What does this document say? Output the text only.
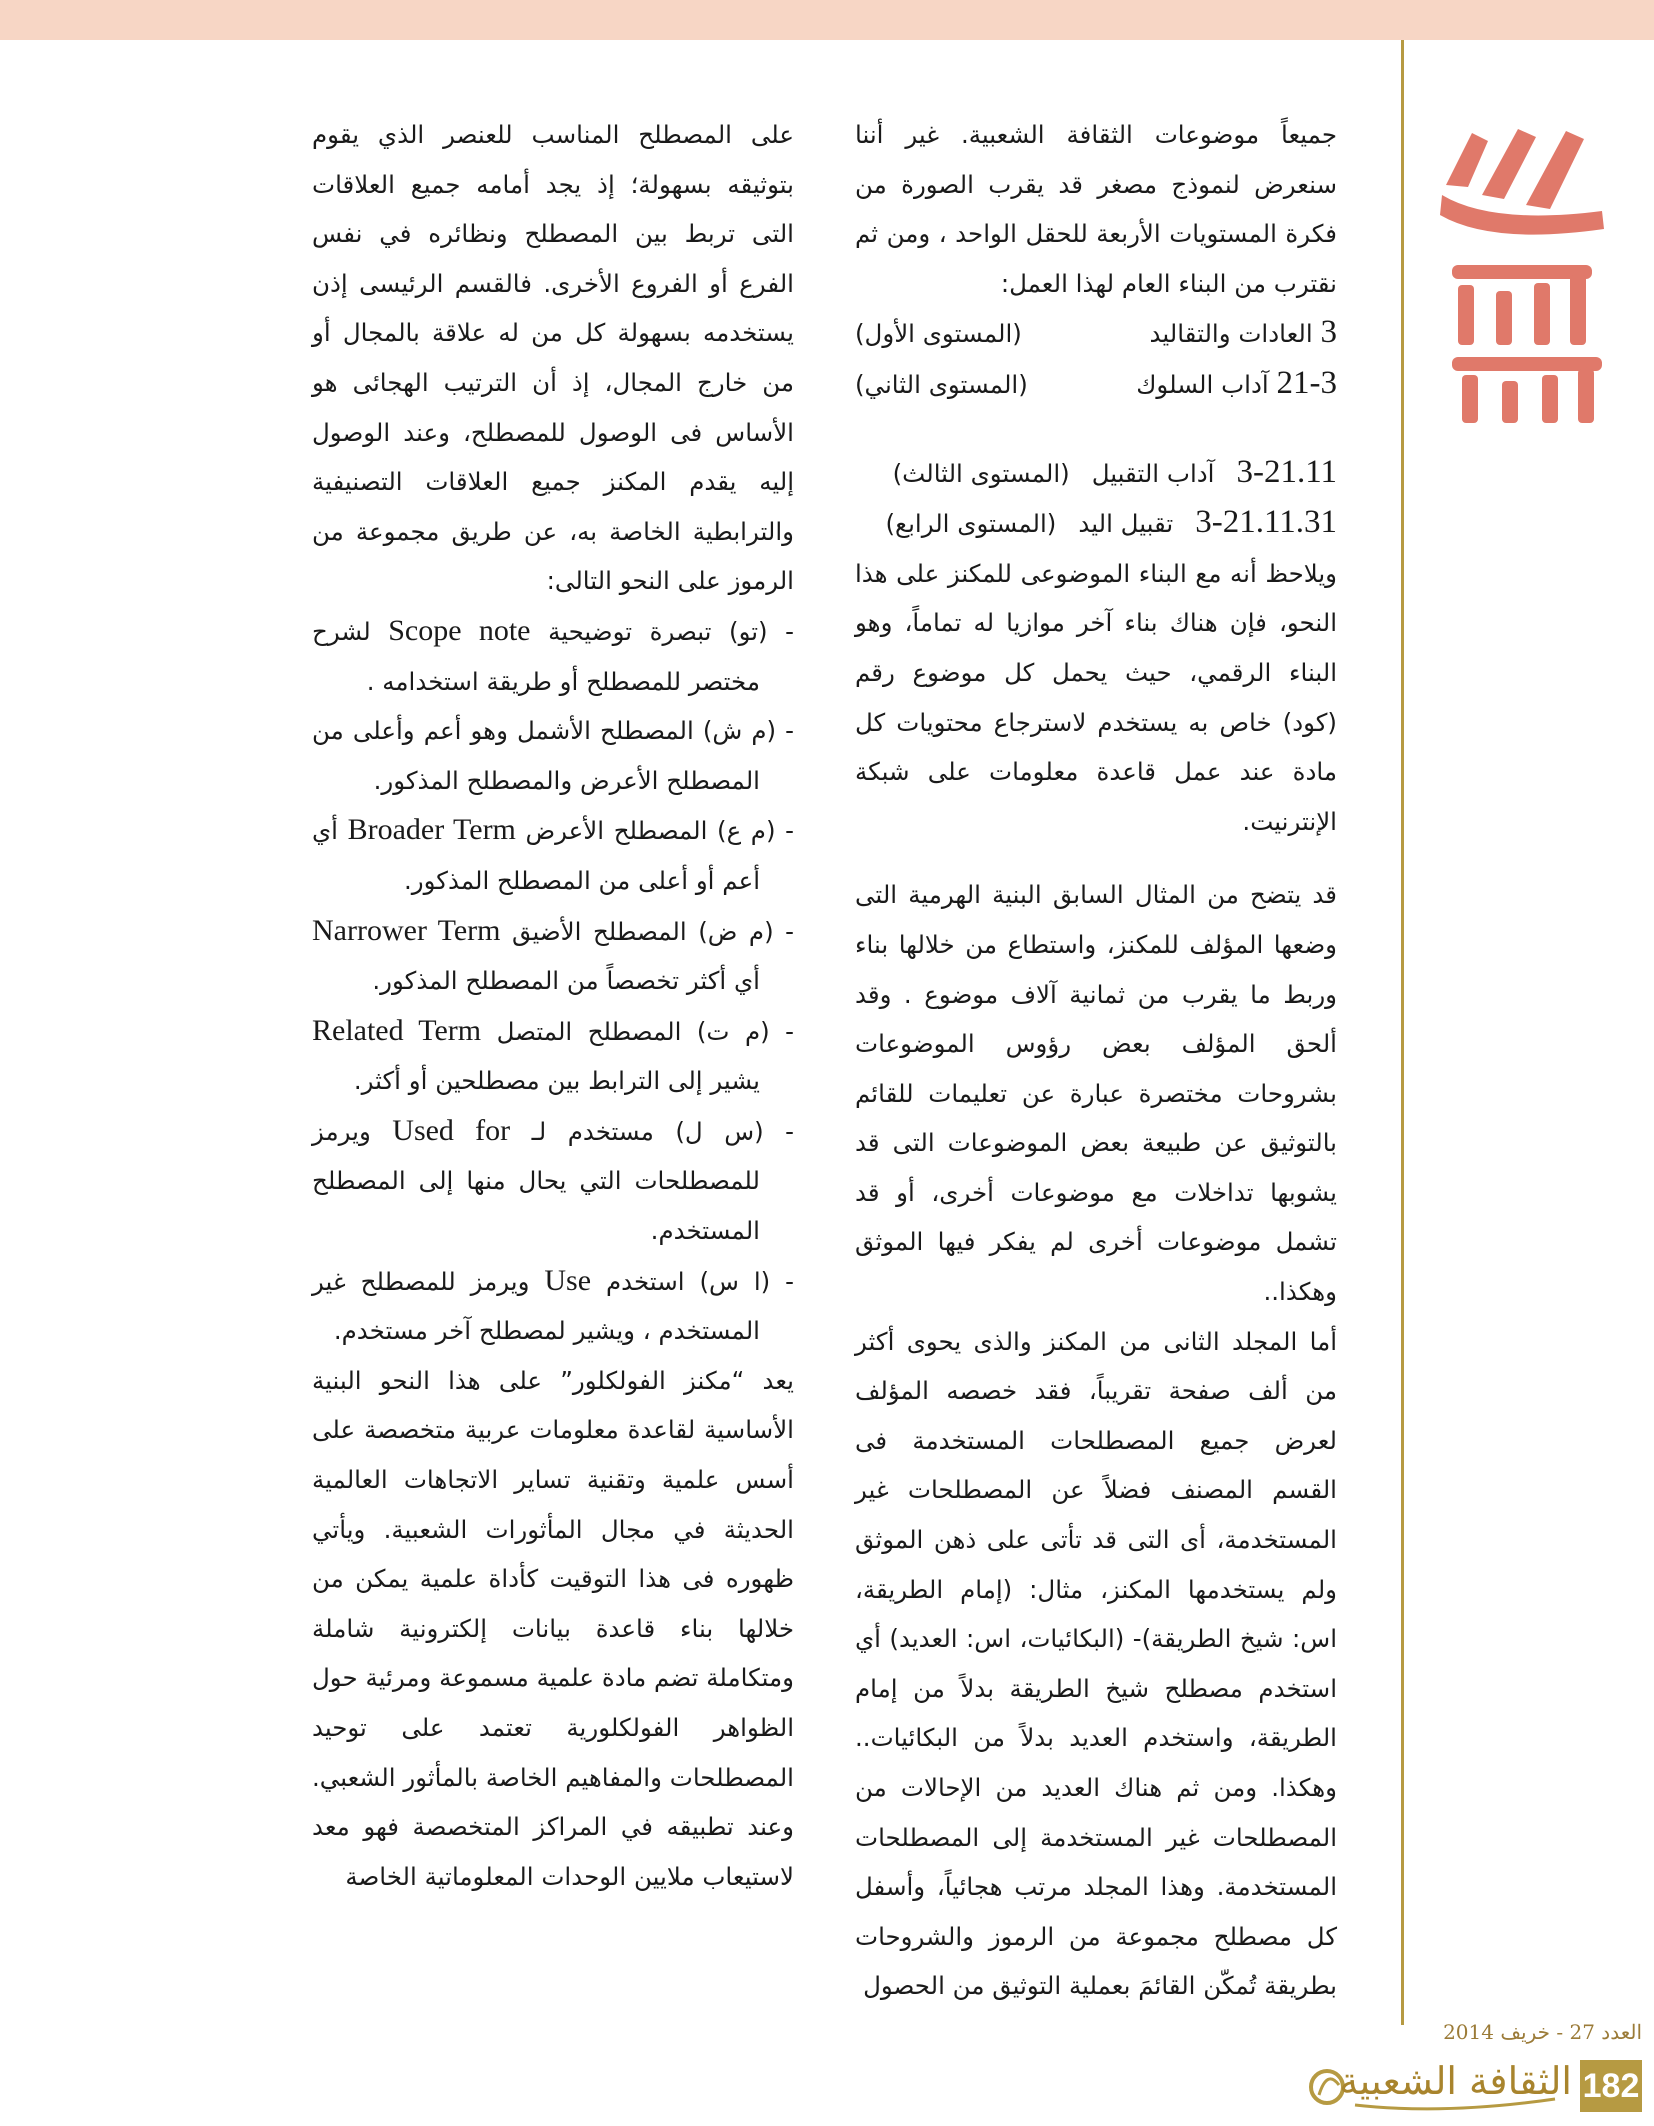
جميعاً موضوعات الثقافة الشعبية. غير أننا سنعرض لنموذج مصغر قد يقرب الصورة من فكرة المستويات الأربعة للحقل الواحد ، ومن ثم نقترب من البناء العام لهذا العمل:

3 العادات والتقاليد
(المستوى الأول)
21-3 آداب السلوك
(المستوى الثاني)
3-21.11
آداب التقبيل
(المستوى الثالث)
3-21.11.31
تقبيل اليد
(المستوى الرابع)

ويلاحظ أنه مع البناء الموضوعى للمكنز على هذا النحو، فإن هناك بناء آخر موازيا له تماماً، وهو البناء الرقمي، حيث يحمل كل موضوع رقم (كود) خاص به يستخدم لاسترجاع محتويات كل مادة عند عمل قاعدة معلومات على شبكة الإنترنيت.

قد يتضح من المثال السابق البنية الهرمية التى وضعها المؤلف للمكنز، واستطاع من خلالها بناء وربط ما يقرب من ثمانية آلاف موضوع . وقد ألحق المؤلف بعض رؤوس الموضوعات بشروحات مختصرة عبارة عن تعليمات للقائم بالتوثيق عن طبيعة بعض الموضوعات التى قد يشوبها تداخلات مع موضوعات أخرى، أو قد تشمل موضوعات أخرى لم يفكر فيها الموثق وهكذا..

أما المجلد الثانى من المكنز والذى يحوى أكثر من ألف صفحة تقريباً، فقد خصصه المؤلف لعرض جميع المصطلحات المستخدمة فى القسم المصنف فضلاً عن المصطلحات غير المستخدمة، أى التى قد تأتى على ذهن الموثق ولم يستخدمها المكنز، مثال: (إمام الطريقة، اس: شيخ الطريقة)- (البكائيات، اس: العديد) أي استخدم مصطلح شيخ الطريقة بدلاً من إمام الطريقة، واستخدم العديد بدلاً من البكائيات.. وهكذا. ومن ثم هناك العديد من الإحالات من المصطلحات غير المستخدمة إلى المصطلحات المستخدمة. وهذا المجلد مرتب هجائياً، وأسفل كل مصطلح مجموعة من الرموز والشروحات بطريقة تُمكّن القائمَ بعملية التوثيق من الحصول

على المصطلح المناسب للعنصر الذي يقوم بتوثيقه بسهولة؛ إذ يجد أمامه جميع العلاقات التى تربط بين المصطلح ونظائره في نفس الفرع أو الفروع الأخرى. فالقسم الرئيسى إذن يستخدمه بسهولة كل من له علاقة بالمجال أو من خارج المجال، إذ أن الترتيب الهجائى هو الأساس فى الوصول للمصطلح، وعند الوصول إليه يقدم المكنز جميع العلاقات التصنيفية والترابطية الخاصة به، عن طريق مجموعة من الرموز على النحو التالى:

- (تو) تبصرة توضيحية Scope note لشرح مختصر للمصطلح أو طريقة استخدامه .

- (م ش) المصطلح الأشمل وهو أعم وأعلى من المصطلح الأعرض والمصطلح المذكور.

- (م ع) المصطلح الأعرض Broader Term أي أعم أو أعلى من المصطلح المذكور.

- (م ض) المصطلح الأضيق Narrower Term أي أكثر تخصصاً من المصطلح المذكور.

- (م ت) المصطلح المتصل Related Term يشير إلى الترابط بين مصطلحين أو أكثر.

- (س ل) مستخدم لـ Used for ويرمز للمصطلحات التي يحال منها إلى المصطلح المستخدم.

- (ا س) استخدم Use ويرمز للمصطلح غير المستخدم ، ويشير لمصطلح آخر مستخدم.

يعد “مكنز الفولكلور” على هذا النحو البنية الأساسية لقاعدة معلومات عربية متخصصة على أسس علمية وتقنية تساير الاتجاهات العالمية الحديثة في مجال المأثورات الشعبية. ويأتي ظهوره فى هذا التوقيت كأداة علمية يمكن من خلالها بناء قاعدة بيانات إلكترونية شاملة ومتكاملة تضم مادة علمية مسموعة ومرئية حول الظواهر الفولكلورية تعتمد على توحيد المصطلحات والمفاهيم الخاصة بالمأثور الشعبي. وعند تطبيقه في المراكز المتخصصة فهو معد لاستيعاب ملايين الوحدات المعلوماتية الخاصة

العدد 27 - خريف 2014
الثقافة الشعبية 182
